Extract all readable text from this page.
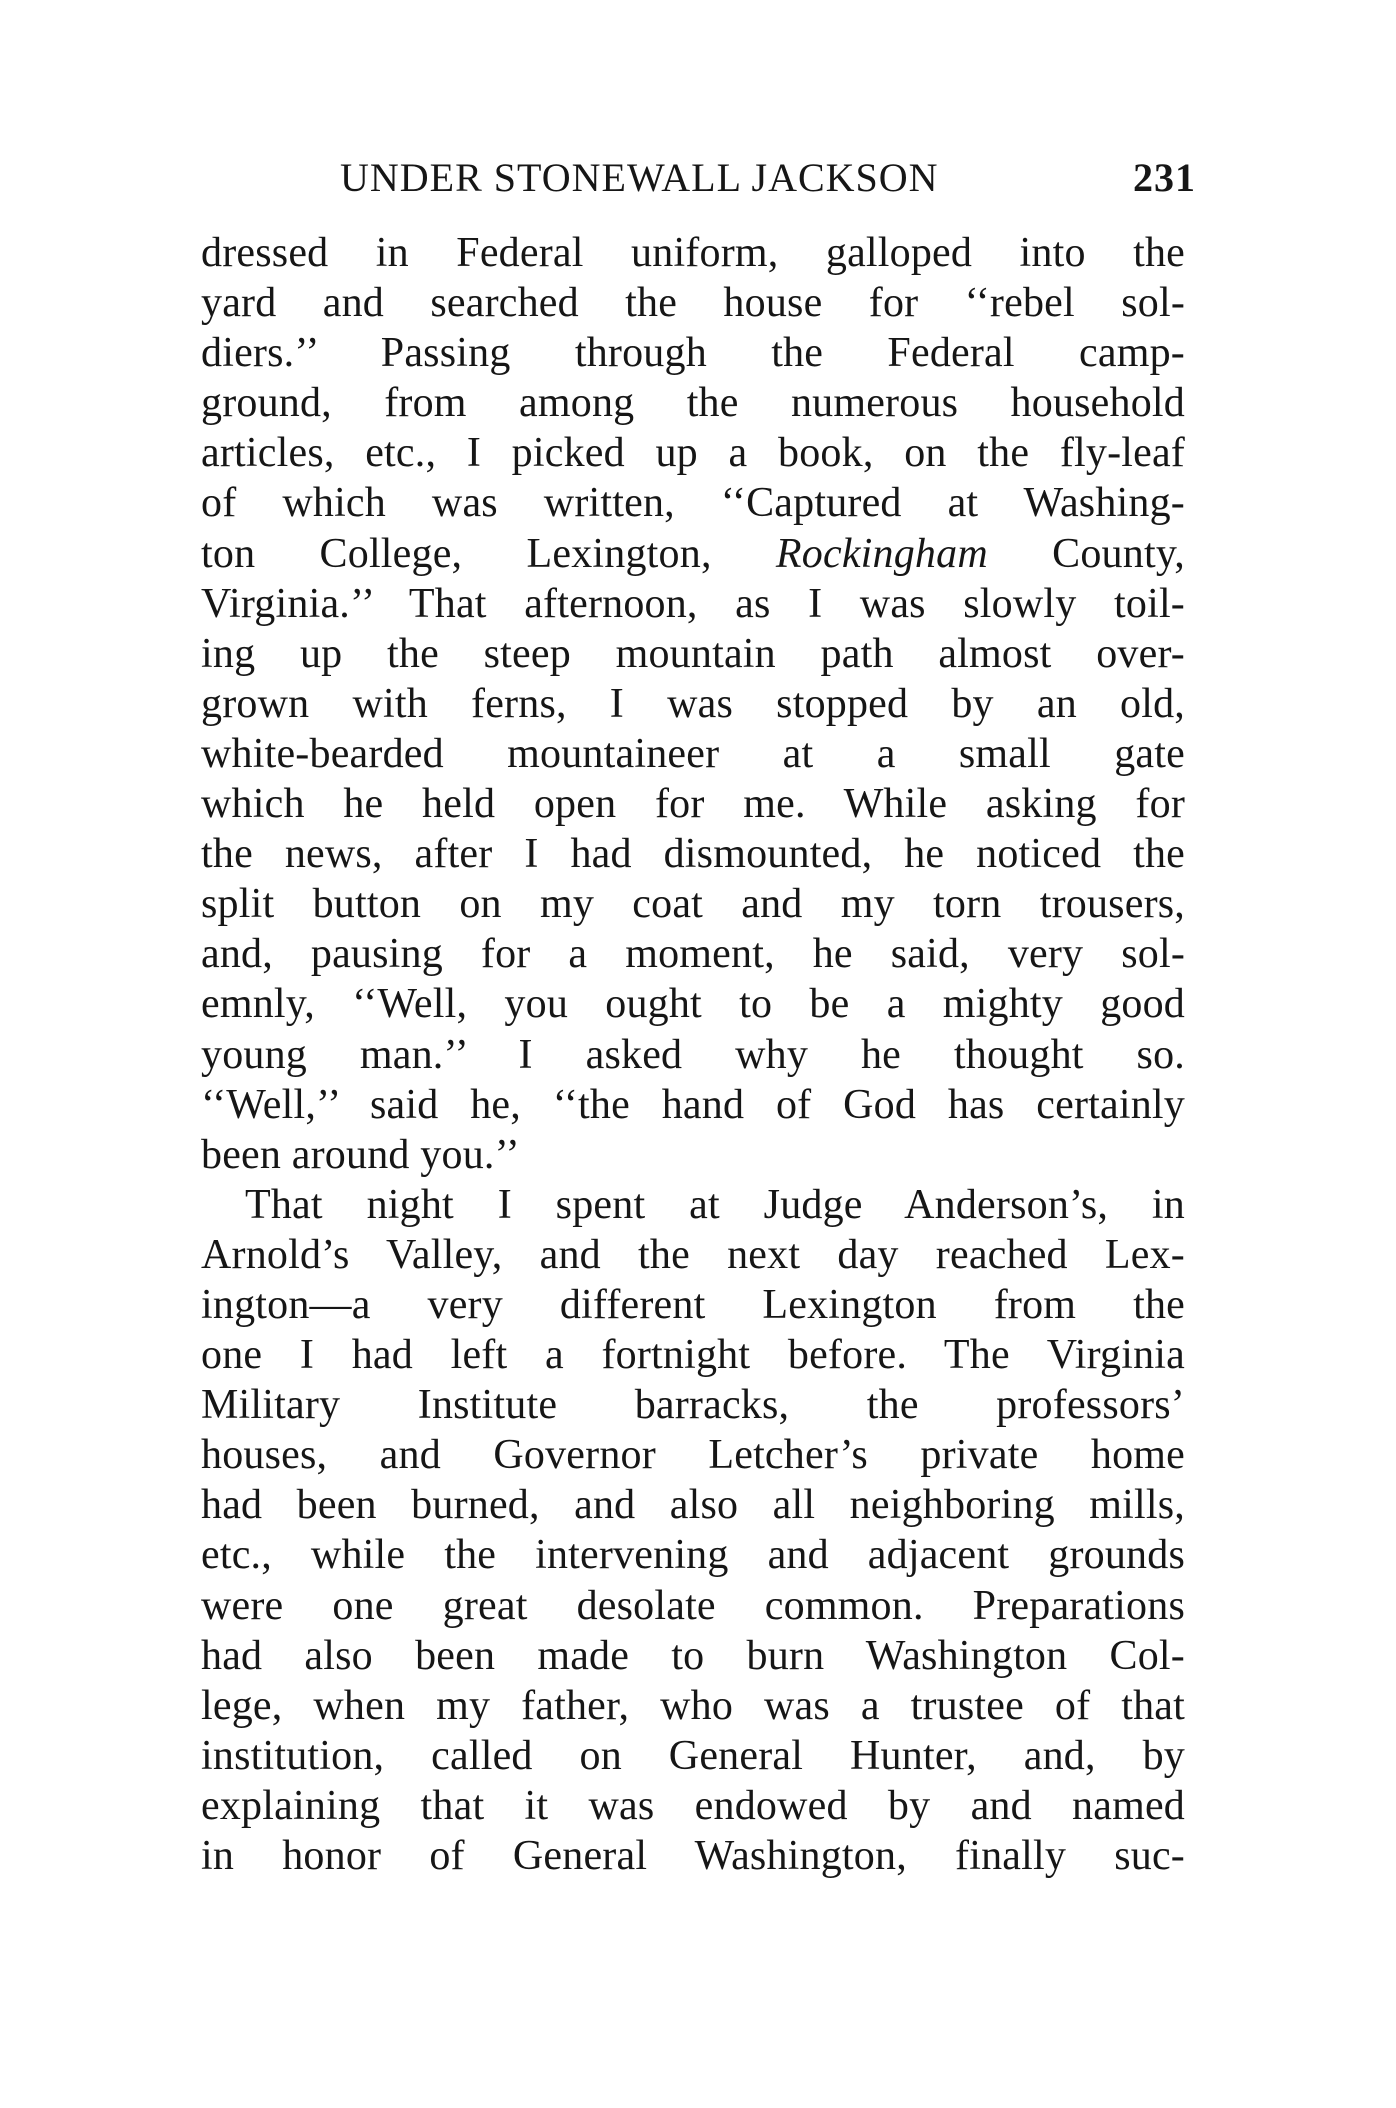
UNDER STONEWALL JACKSON	231
dressed in Federal uniform, galloped into the
yard and searched the house for ‘‘rebel sol-
diers.’’ Passing through the Federal camp-
ground, from among the numerous household
articles, etc., I picked up a book, on the fly-leaf
of which was written, ‘‘Captured at Washing-
ton College, Lexington, Rockingham County,
Virginia.’’ That afternoon, as I was slowly toil-
ing up the steep mountain path almost over-
grown with ferns, I was stopped by an old,
white-bearded mountaineer at a small gate
which he held open for me. While asking for
the news, after I had dismounted, he noticed the
split button on my coat and my torn trousers,
and, pausing for a moment, he said, very sol-
emnly, ‘‘Well, you ought to be a mighty good
young man.’’ I asked why he thought so.
‘‘Well,’’ said he, ‘‘the hand of God has certainly
been around you.’’
That night I spent at Judge Anderson’s, in
Arnold’s Valley, and the next day reached Lex-
ington—a very different Lexington from the
one I had left a fortnight before. The Virginia
Military Institute barracks, the professors’
houses, and Governor Letcher’s private home
had been burned, and also all neighboring mills,
etc., while the intervening and adjacent grounds
were one great desolate common. Preparations
had also been made to burn Washington Col-
lege, when my father, who was a trustee of that
institution, called on General Hunter, and, by
explaining that it was endowed by and named
in honor of General Washington, finally suc-
